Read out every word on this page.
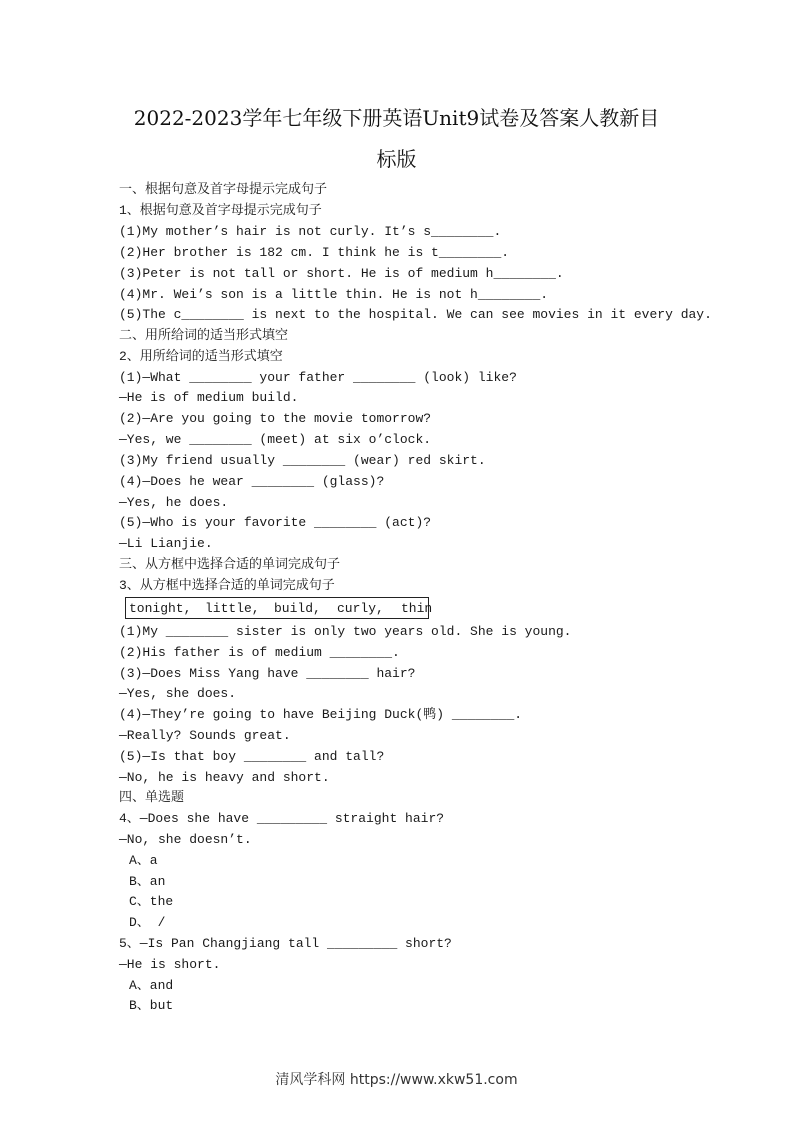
2022-2023学年七年级下册英语Unit9试卷及答案人教新目
标版
一、根据句意及首字母提示完成句子
1、根据句意及首字母提示完成句子
(1)My mother’s hair is not curly. It’s s________.
(2)Her brother is 182 cm. I think he is t________.
(3)Peter is not tall or short. He is of medium h________.
(4)Mr. Wei’s son is a little thin. He is not h________.
(5)The c________ is next to the hospital. We can see movies in it every day.
二、用所给词的适当形式填空
2、用所给词的适当形式填空
(1)—What ________ your father ________ (look) like?
—He is of medium build.
(2)—Are you going to the movie tomorrow?
—Yes, we ________ (meet) at six o’clock.
(3)My friend usually ________ (wear) red skirt.
(4)—Does he wear ________ (glass)?
—Yes, he does.
(5)—Who is your favorite ________ (act)?
—Li Lianjie.
三、从方框中选择合适的单词完成句子
3、从方框中选择合适的单词完成句子
tonight, little, build, curly, thin
(1)My ________ sister is only two years old. She is young.
(2)His father is of medium ________.
(3)—Does Miss Yang have ________ hair?
—Yes, she does.
(4)—They’re going to have Beijing Duck(鸭) ________.
—Really? Sounds great.
(5)—Is that boy ________ and tall?
—No, he is heavy and short.
四、单选题
4、—Does she have _________ straight hair?
—No, she doesn’t.
A、a
B、an
C、the
D、 /
5、—Is Pan Changjiang tall _________ short?
—He is short.
A、and
B、but
清风学科网 https://www.xkw51.com
